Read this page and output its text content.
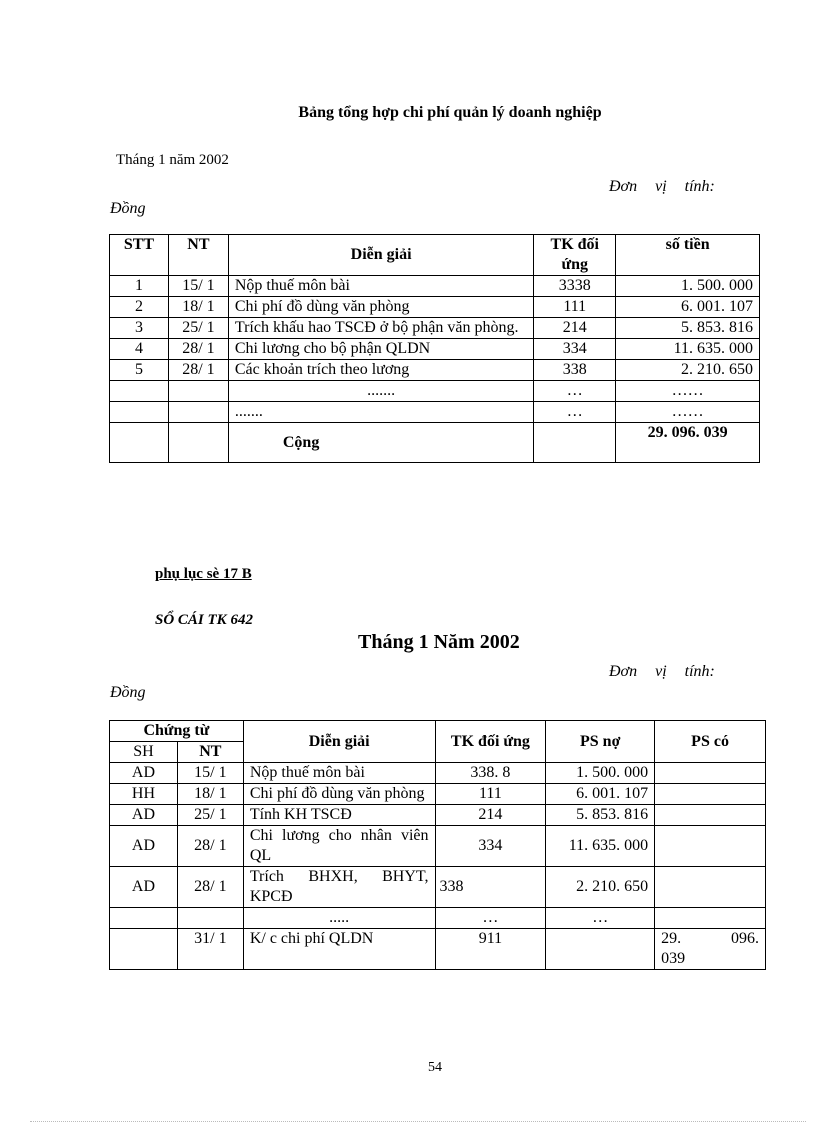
Bảng tổng hợp chi phí quản lý doanh nghiệp
Tháng 1 năm 2002
Đơn vị tính:
Đồng
STT	NT	Diễn giải	TK đối ứng	số tiền
1	15/ 1	Nộp thuế môn bài	3338	1. 500. 000
2	18/ 1	Chi phí đồ dùng văn phòng	111	6. 001. 107
3	25/ 1	Trích khấu hao TSCĐ ở bộ phận văn phòng.	214	5. 853. 816
4	28/ 1	Chi lương cho bộ phận QLDN	334	11. 635. 000
5	28/ 1	Các khoản trích theo lương	338	2. 210. 650
		.......	…	……
		.......	…	……
		Cộng		29. 096. 039
phụ lục sè 17 B
SỔ CÁI TK 642
Tháng 1 Năm 2002
Đơn vị tính:
Đồng
Chứng từ		Diễn giải	TK đối ứng	PS nợ	PS có
SH	NT				
AD	15/ 1	Nộp thuế môn bài	338. 8	1. 500. 000	
HH	18/ 1	Chi phí đồ dùng văn phòng	111	6. 001. 107	
AD	25/ 1	Tính KH TSCĐ	214	5. 853. 816	
AD	28/ 1	Chi lương cho nhân viên QL	334	11. 635. 000	
AD	28/ 1	Trích BHXH, BHYT, KPCĐ	338	2. 210. 650	
		.....	…	…	
	31/ 1	K/ c chi phí QLDN	911		29. 096. 039
54
